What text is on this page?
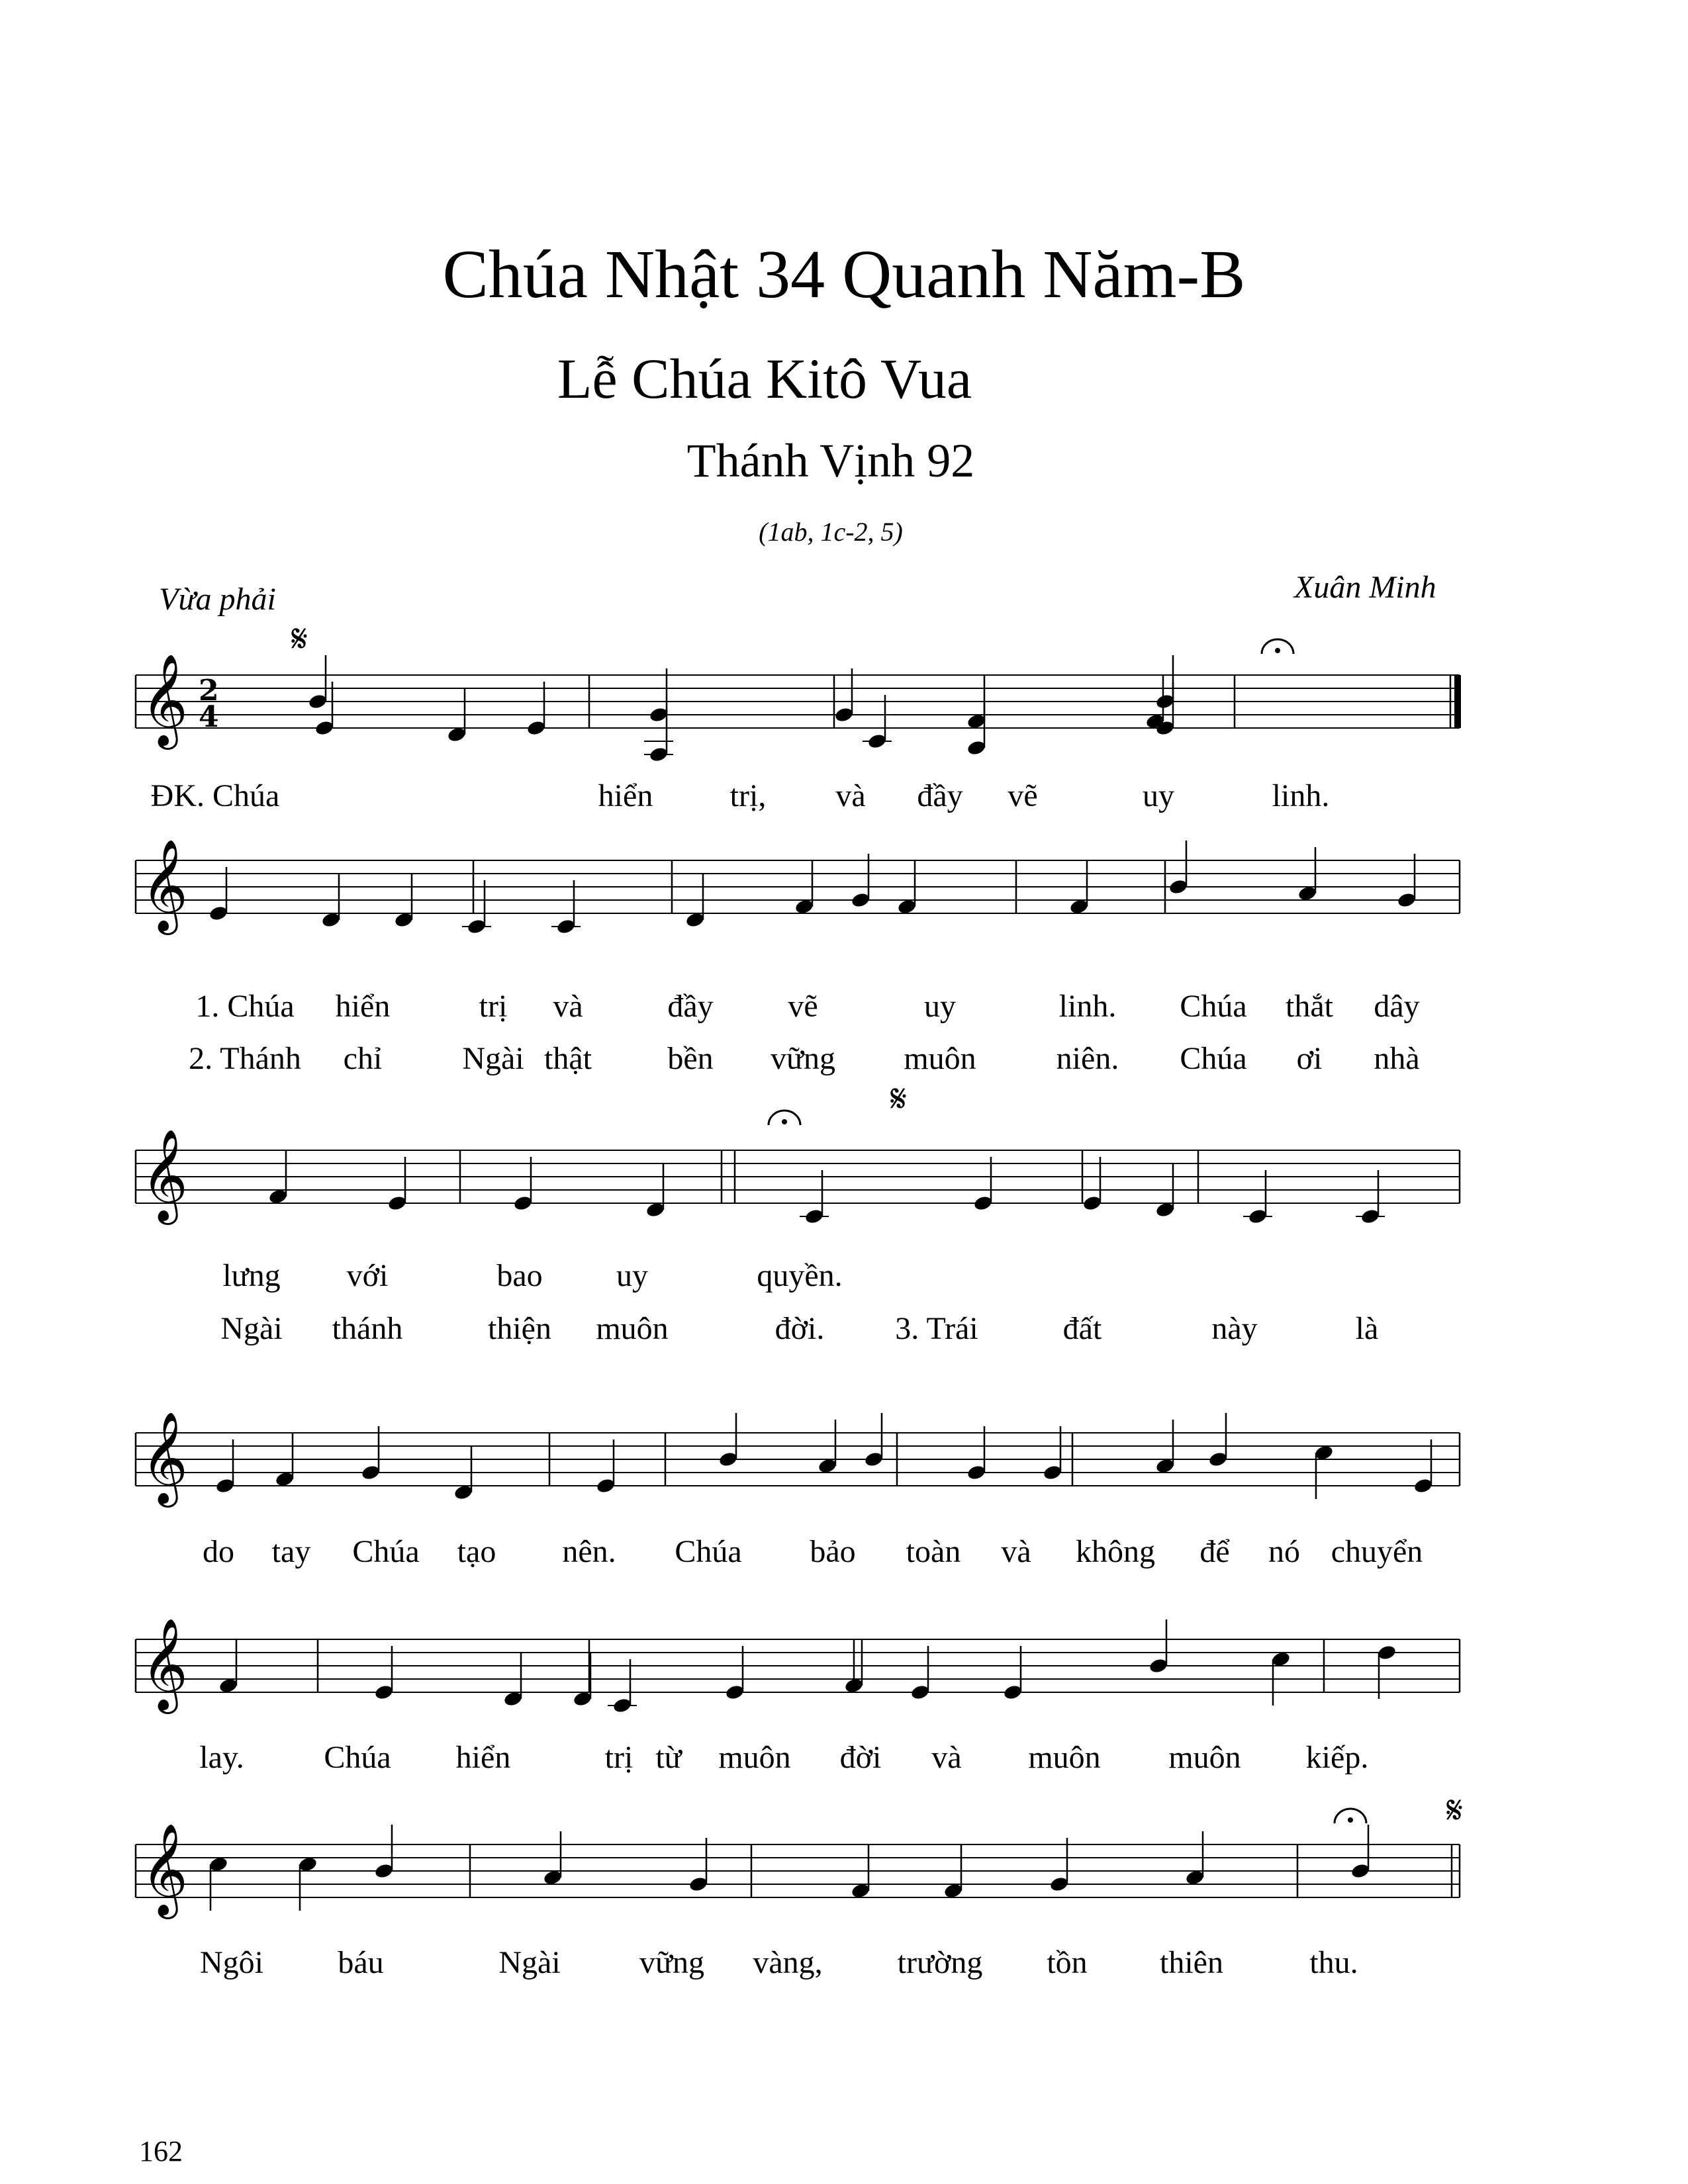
Chúa Nhật 34 Quanh Năm-B
Lễ Chúa Kitô Vua
Thánh Vịnh 92
(1ab, 1c-2, 5)
Vừa phải	Xuân Minh
𝄞 2
4
𝄞
𝄞
𝄞
𝄞
𝄞
𝄋
𝄋
𝄋
ĐK. Chúa	hiển trị, và đầy vẽ	uy	linh.
1. Chúa hiển	trị và	đầy vẽ	uy	linh. Chúa thắt dây
2. Thánh chỉ	Ngài thật bền vững muôn	niên. Chúa ơi nhà
lưng với	bao uy	quyền.
Ngài thánh	thiện muôn	đời. 3. Trái	đất	này	là
do tay Chúa tạo nên. Chúa bảo toàn và không để nó chuyển
lay.	Chúa hiển	trị từ muôn đời và muôn muôn kiếp.
Ngôi báu	Ngài vững vàng, trường tồn thiên	thu.
162
